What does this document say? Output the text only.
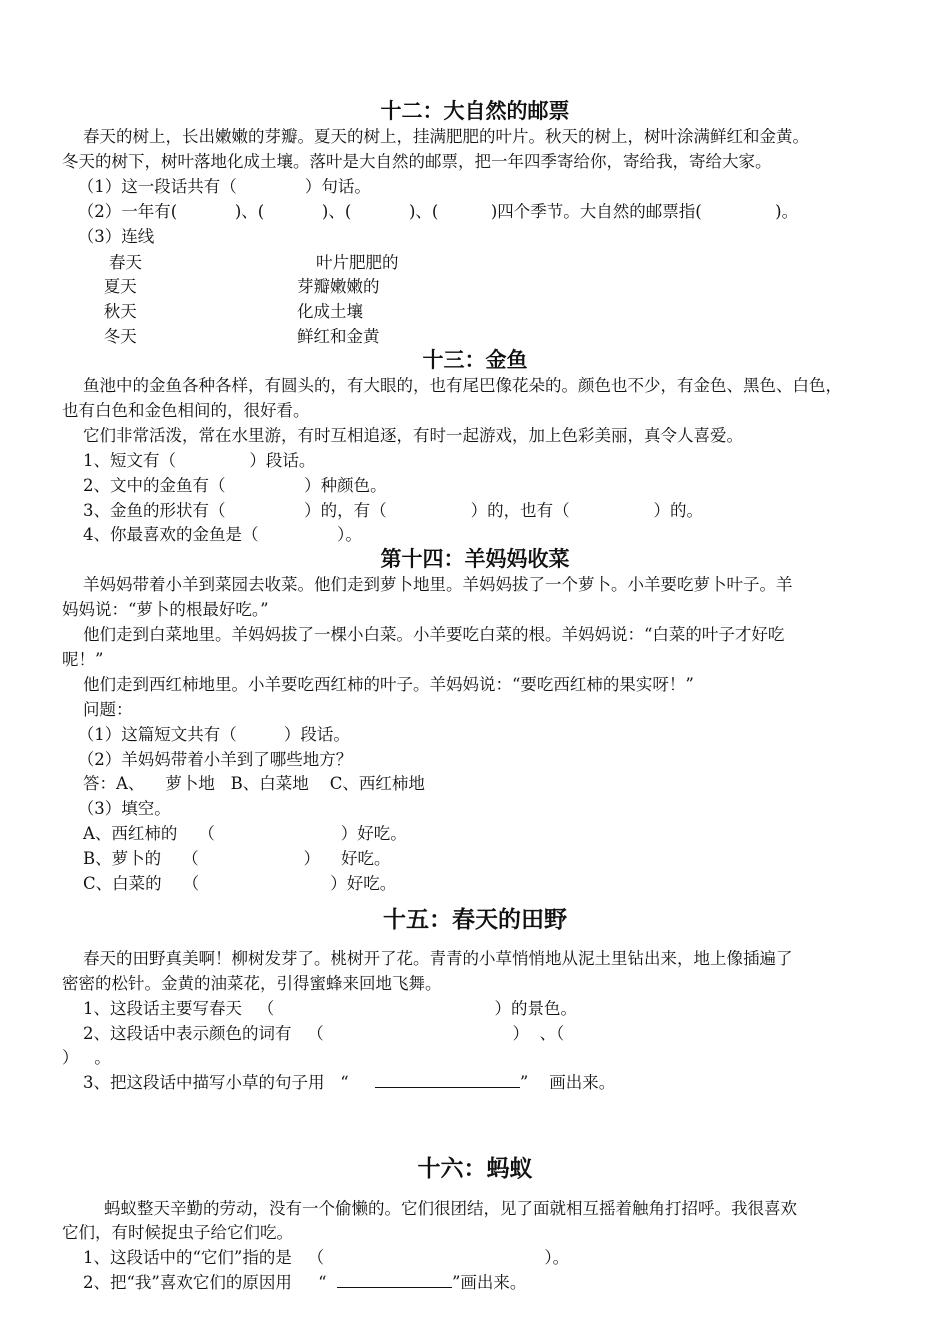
十二：大自然的邮票

春天的树上，长出嫩嫩的芽瓣。夏天的树上，挂满肥肥的叶片。秋天的树上，树叶涂满鲜红和金黄。

冬天的树下，树叶落地化成土壤。落叶是大自然的邮票，把一年四季寄给你，寄给我，寄给大家。

（1）这一段话共有（             ）句话。

（2）一年有(           )、(           )、(           )、(          )四个季节。大自然的邮票指(              )。

（3）连线

春天

夏天

秋天

冬天

叶片肥肥的

芽瓣嫩嫩的

化成土壤

鲜红和金黄

十三：金鱼

鱼池中的金鱼各种各样，有圆头的，有大眼的，也有尾巴像花朵的。颜色也不少，有金色、黑色、白色，

也有白色和金色相间的，很好看。

它们非常活泼，常在水里游，有时互相追逐，有时一起游戏，加上色彩美丽，真令人喜爱。

1、短文有（              ）段话。

2、文中的金鱼有（               ）种颜色。

3、金鱼的形状有（               ）的，有（                ）的，也有（                ）的。

4、你最喜欢的金鱼是（               ）。

第十四：羊妈妈收菜

羊妈妈带着小羊到菜园去收菜。他们走到萝卜地里。羊妈妈拔了一个萝卜。小羊要吃萝卜叶子。羊

妈妈说：“萝卜的根最好吃。”

他们走到白菜地里。羊妈妈拔了一棵小白菜。小羊要吃白菜的根。羊妈妈说：“白菜的叶子才好吃

呢！”

他们走到西红柿地里。小羊要吃西红柿的叶子。羊妈妈说：“要吃西红柿的果实呀！”

问题：

（1）这篇短文共有（         ）段话。

（2）羊妈妈带着小羊到了哪些地方？

答：A、    萝卜地   B、白菜地    C、西红柿地

（3）填空。

A、西红柿的    （                        ）好吃。

B、萝卜的    （                    ）    好吃。

C、白菜的    （                         ）好吃。

十五：春天的田野

春天的田野真美啊！柳树发芽了。桃树开了花。青青的小草悄悄地从泥土里钻出来，地上像插遍了

密密的松针。金黄的油菜花，引得蜜蜂来回地飞舞。

1、这段话主要写春天   （                                          ）的景色。

2、这段话中表示颜色的词有   （                                    ）  、（

）   。

3、把这段话中描写小草的句子用   “	”    画出来。

十六：蚂蚁

蚂蚁整天辛勤的劳动，没有一个偷懒的。它们很团结，见了面就相互摇着触角打招呼。我很喜欢

它们，有时候捉虫子给它们吃。

1、这段话中的“它们”指的是   （                                          ）。

2、把“我”喜欢它们的原因用     “	”画出来。
